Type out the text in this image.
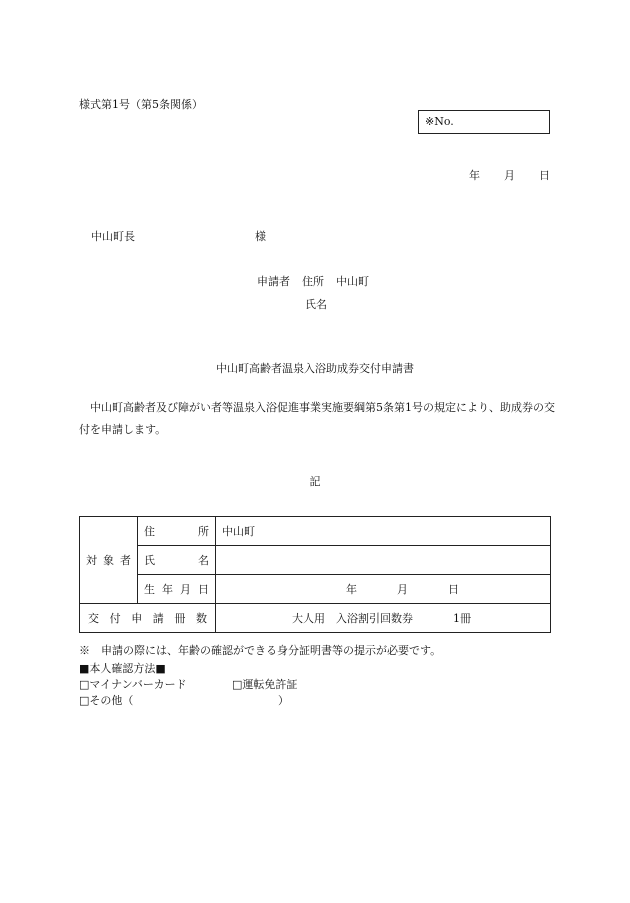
様式第1号（第5条関係）
※No.
年 月 日
中山町長	様
申請者 住所 中山町
氏名
中山町高齢者温泉入浴助成券交付申請書
中山町高齢者及び障がい者等温泉入浴促進事業実施要綱第5条第1号の規定により、助成券の交付を申請します。
記
対 象 者	住　　所	中山町
	氏　　名	
	生 年 月 日	年 月 日
交 付 申 請 冊 数		大人用　入浴割引回数券 1冊
※　申請の際には、年齢の確認ができる身分証明書等の提示が必要です。
■本人確認方法■
□マイナンバーカード	□運転免許証
□その他（	）
